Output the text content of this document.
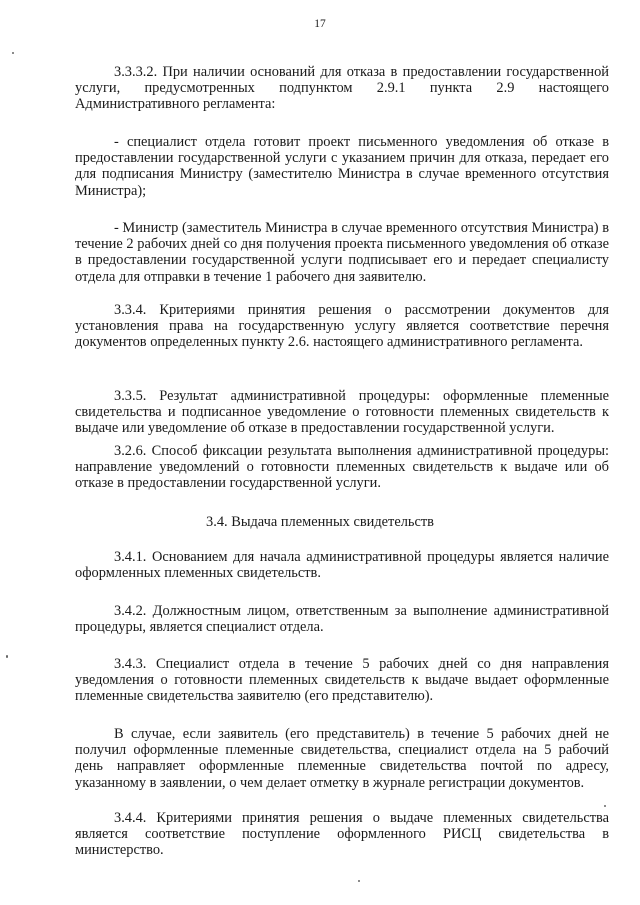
17

3.3.3.2. При наличии оснований для отказа в предоставлении государственной услуги, предусмотренных подпунктом 2.9.1 пункта 2.9 настоящего Административного регламента:

- специалист отдела готовит проект письменного уведомления об отказе в предоставлении государственной услуги с указанием причин для отказа, передает его для подписания Министру (заместителю Министра в случае временного отсутствия Министра);

- Министр (заместитель Министра в случае временного отсутствия Министра) в течение 2 рабочих дней со дня получения проекта письменного уведомления об отказе в предоставлении государственной услуги подписывает его и передает специалисту отдела для отправки в течение 1 рабочего дня заявителю.

3.3.4. Критериями принятия решения о рассмотрении документов для установления права на государственную услугу является соответствие перечня документов определенных пункту 2.6. настоящего административного регламента.

3.3.5. Результат административной процедуры: оформленные племенные свидетельства и подписанное уведомление о готовности племенных свидетельств к выдаче или уведомление об отказе в предоставлении государственной услуги.

3.2.6. Способ фиксации результата выполнения административной процедуры: направление уведомлений о готовности племенных свидетельств к выдаче или об отказе в предоставлении государственной услуги.

3.4. Выдача племенных свидетельств

3.4.1. Основанием для начала административной процедуры является наличие оформленных племенных свидетельств.

3.4.2. Должностным лицом, ответственным за выполнение административной процедуры, является специалист отдела.

3.4.3. Специалист отдела в течение 5 рабочих дней со дня направления уведомления о готовности племенных свидетельств к выдаче выдает оформленные племенные свидетельства заявителю (его представителю).

В случае, если заявитель (его представитель) в течение 5 рабочих дней не получил оформленные племенные свидетельства, специалист отдела на 5 рабочий день направляет оформленные племенные свидетельства почтой по адресу, указанному в заявлении, о чем делает отметку в журнале регистрации документов.

3.4.4. Критериями принятия решения о выдаче племенных свидетельства является соответствие поступление оформленного РИСЦ свидетельства в министерство.
